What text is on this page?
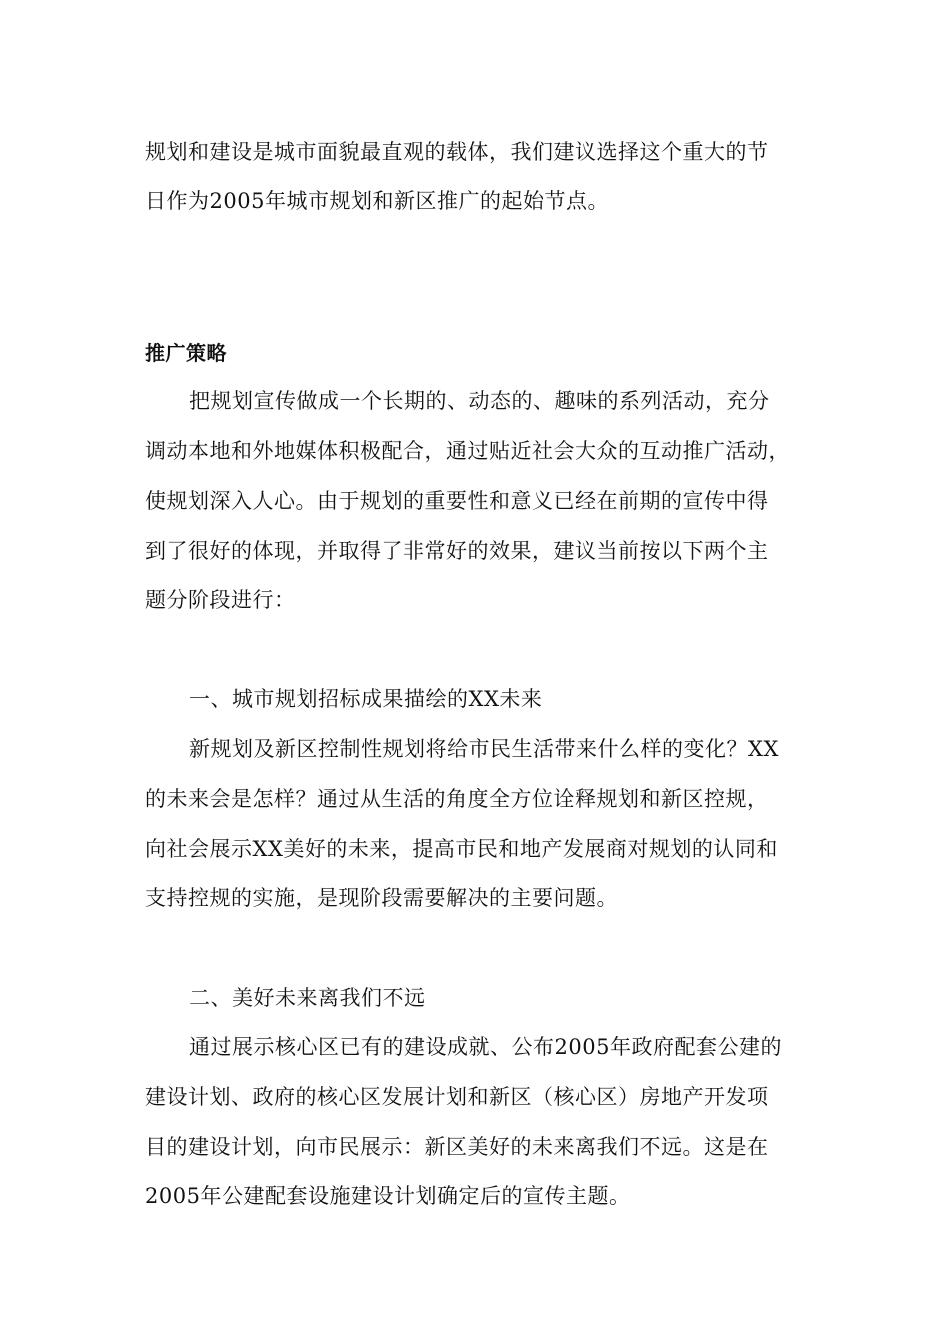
规划和建设是城市面貌最直观的载体，我们建议选择这个重大的节
日作为2005年城市规划和新区推广的起始节点。
推广策略
把规划宣传做成一个长期的、动态的、趣味的系列活动，充分
调动本地和外地媒体积极配合，通过贴近社会大众的互动推广活动，
使规划深入人心。由于规划的重要性和意义已经在前期的宣传中得
到了很好的体现，并取得了非常好的效果，建议当前按以下两个主
题分阶段进行：
一、城市规划招标成果描绘的XX未来
新规划及新区控制性规划将给市民生活带来什么样的变化？XX
的未来会是怎样？通过从生活的角度全方位诠释规划和新区控规，
向社会展示XX美好的未来，提高市民和地产发展商对规划的认同和
支持控规的实施，是现阶段需要解决的主要问题。
二、美好未来离我们不远
通过展示核心区已有的建设成就、公布2005年政府配套公建的
建设计划、政府的核心区发展计划和新区（核心区）房地产开发项
目的建设计划，向市民展示：新区美好的未来离我们不远。这是在
2005年公建配套设施建设计划确定后的宣传主题。
